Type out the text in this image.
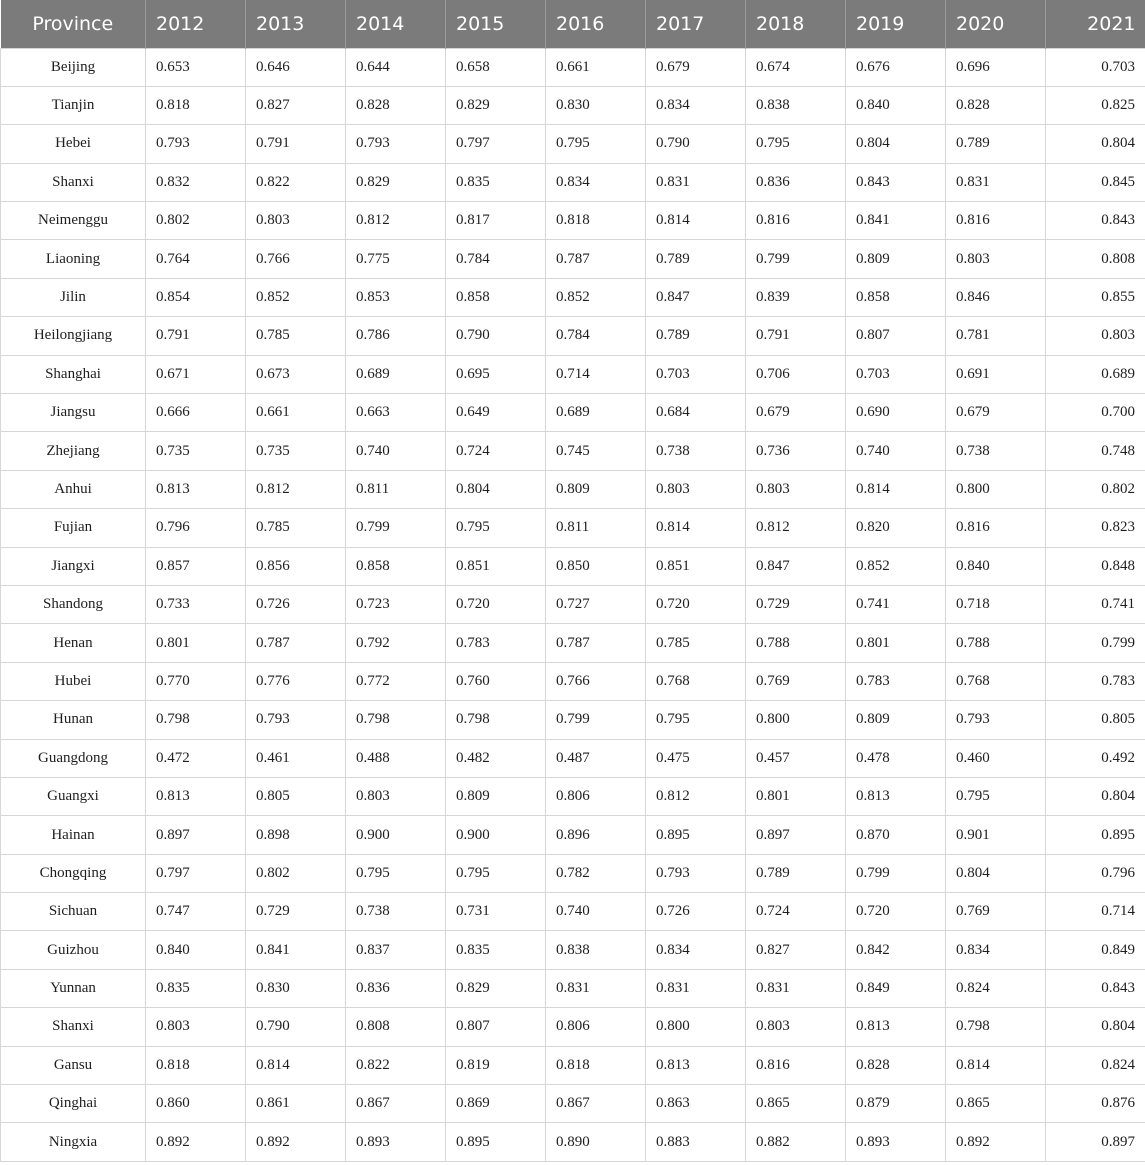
Province	2012	2013	2014	2015	2016	2017	2018	2019	2020	2021
Beijing	0.653	0.646	0.644	0.658	0.661	0.679	0.674	0.676	0.696	0.703
Tianjin	0.818	0.827	0.828	0.829	0.830	0.834	0.838	0.840	0.828	0.825
Hebei	0.793	0.791	0.793	0.797	0.795	0.790	0.795	0.804	0.789	0.804
Shanxi	0.832	0.822	0.829	0.835	0.834	0.831	0.836	0.843	0.831	0.845
Neimenggu	0.802	0.803	0.812	0.817	0.818	0.814	0.816	0.841	0.816	0.843
Liaoning	0.764	0.766	0.775	0.784	0.787	0.789	0.799	0.809	0.803	0.808
Jilin	0.854	0.852	0.853	0.858	0.852	0.847	0.839	0.858	0.846	0.855
Heilongjiang	0.791	0.785	0.786	0.790	0.784	0.789	0.791	0.807	0.781	0.803
Shanghai	0.671	0.673	0.689	0.695	0.714	0.703	0.706	0.703	0.691	0.689
Jiangsu	0.666	0.661	0.663	0.649	0.689	0.684	0.679	0.690	0.679	0.700
Zhejiang	0.735	0.735	0.740	0.724	0.745	0.738	0.736	0.740	0.738	0.748
Anhui	0.813	0.812	0.811	0.804	0.809	0.803	0.803	0.814	0.800	0.802
Fujian	0.796	0.785	0.799	0.795	0.811	0.814	0.812	0.820	0.816	0.823
Jiangxi	0.857	0.856	0.858	0.851	0.850	0.851	0.847	0.852	0.840	0.848
Shandong	0.733	0.726	0.723	0.720	0.727	0.720	0.729	0.741	0.718	0.741
Henan	0.801	0.787	0.792	0.783	0.787	0.785	0.788	0.801	0.788	0.799
Hubei	0.770	0.776	0.772	0.760	0.766	0.768	0.769	0.783	0.768	0.783
Hunan	0.798	0.793	0.798	0.798	0.799	0.795	0.800	0.809	0.793	0.805
Guangdong	0.472	0.461	0.488	0.482	0.487	0.475	0.457	0.478	0.460	0.492
Guangxi	0.813	0.805	0.803	0.809	0.806	0.812	0.801	0.813	0.795	0.804
Hainan	0.897	0.898	0.900	0.900	0.896	0.895	0.897	0.870	0.901	0.895
Chongqing	0.797	0.802	0.795	0.795	0.782	0.793	0.789	0.799	0.804	0.796
Sichuan	0.747	0.729	0.738	0.731	0.740	0.726	0.724	0.720	0.769	0.714
Guizhou	0.840	0.841	0.837	0.835	0.838	0.834	0.827	0.842	0.834	0.849
Yunnan	0.835	0.830	0.836	0.829	0.831	0.831	0.831	0.849	0.824	0.843
Shanxi	0.803	0.790	0.808	0.807	0.806	0.800	0.803	0.813	0.798	0.804
Gansu	0.818	0.814	0.822	0.819	0.818	0.813	0.816	0.828	0.814	0.824
Qinghai	0.860	0.861	0.867	0.869	0.867	0.863	0.865	0.879	0.865	0.876
Ningxia	0.892	0.892	0.893	0.895	0.890	0.883	0.882	0.893	0.892	0.897
